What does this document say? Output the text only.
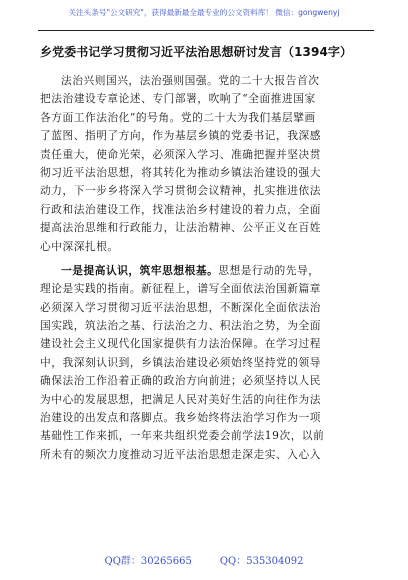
关注头条号"公文研究"，获得最新最全最专业的公文资料库！ 微信：gongwenyj
乡党委书记学习贯彻习近平法治思想研讨发言（1394字）

法治兴则国兴，法治强则国强。党的二十大报告首次
把法治建设专章论述、专门部署，吹响了“全面推进国家
各方面工作法治化”的号角。党的二十大为我们基层擘画
了蓝图、指明了方向，作为基层乡镇的党委书记，我深感
责任重大，使命光荣，必须深入学习、准确把握并坚决贯
彻习近平法治思想，将其转化为推动乡镇法治建设的强大
动力，下一步乡将深入学习贯彻会议精神，扎实推进依法
行政和法治建设工作，找准法治乡村建设的着力点，全面
提高法治思维和行政能力，让法治精神、公平正义在百姓
心中深深扎根。

一是提高认识，筑牢思想根基。思想是行动的先导，
理论是实践的指南。新征程上，谱写全面依法治国新篇章
必须深入学习贯彻习近平法治思想，不断深化全面依法治
国实践，筑法治之基、行法治之力、积法治之势，为全面
建设社会主义现代化国家提供有力法治保障。在学习过程
中，我深刻认识到，乡镇法治建设必须始终坚持党的领导
确保法治工作沿着正确的政治方向前进；必须坚持以人民
为中心的发展思想，把满足人民对美好生活的向往作为法
治建设的出发点和落脚点。我乡始终将法治学习作为一项
基础性工作来抓，一年来共组织党委会前学法19次，以前
所未有的频次力度推动习近平法治思想走深走实、入心入

QQ群：30265665	QQ：535304092
